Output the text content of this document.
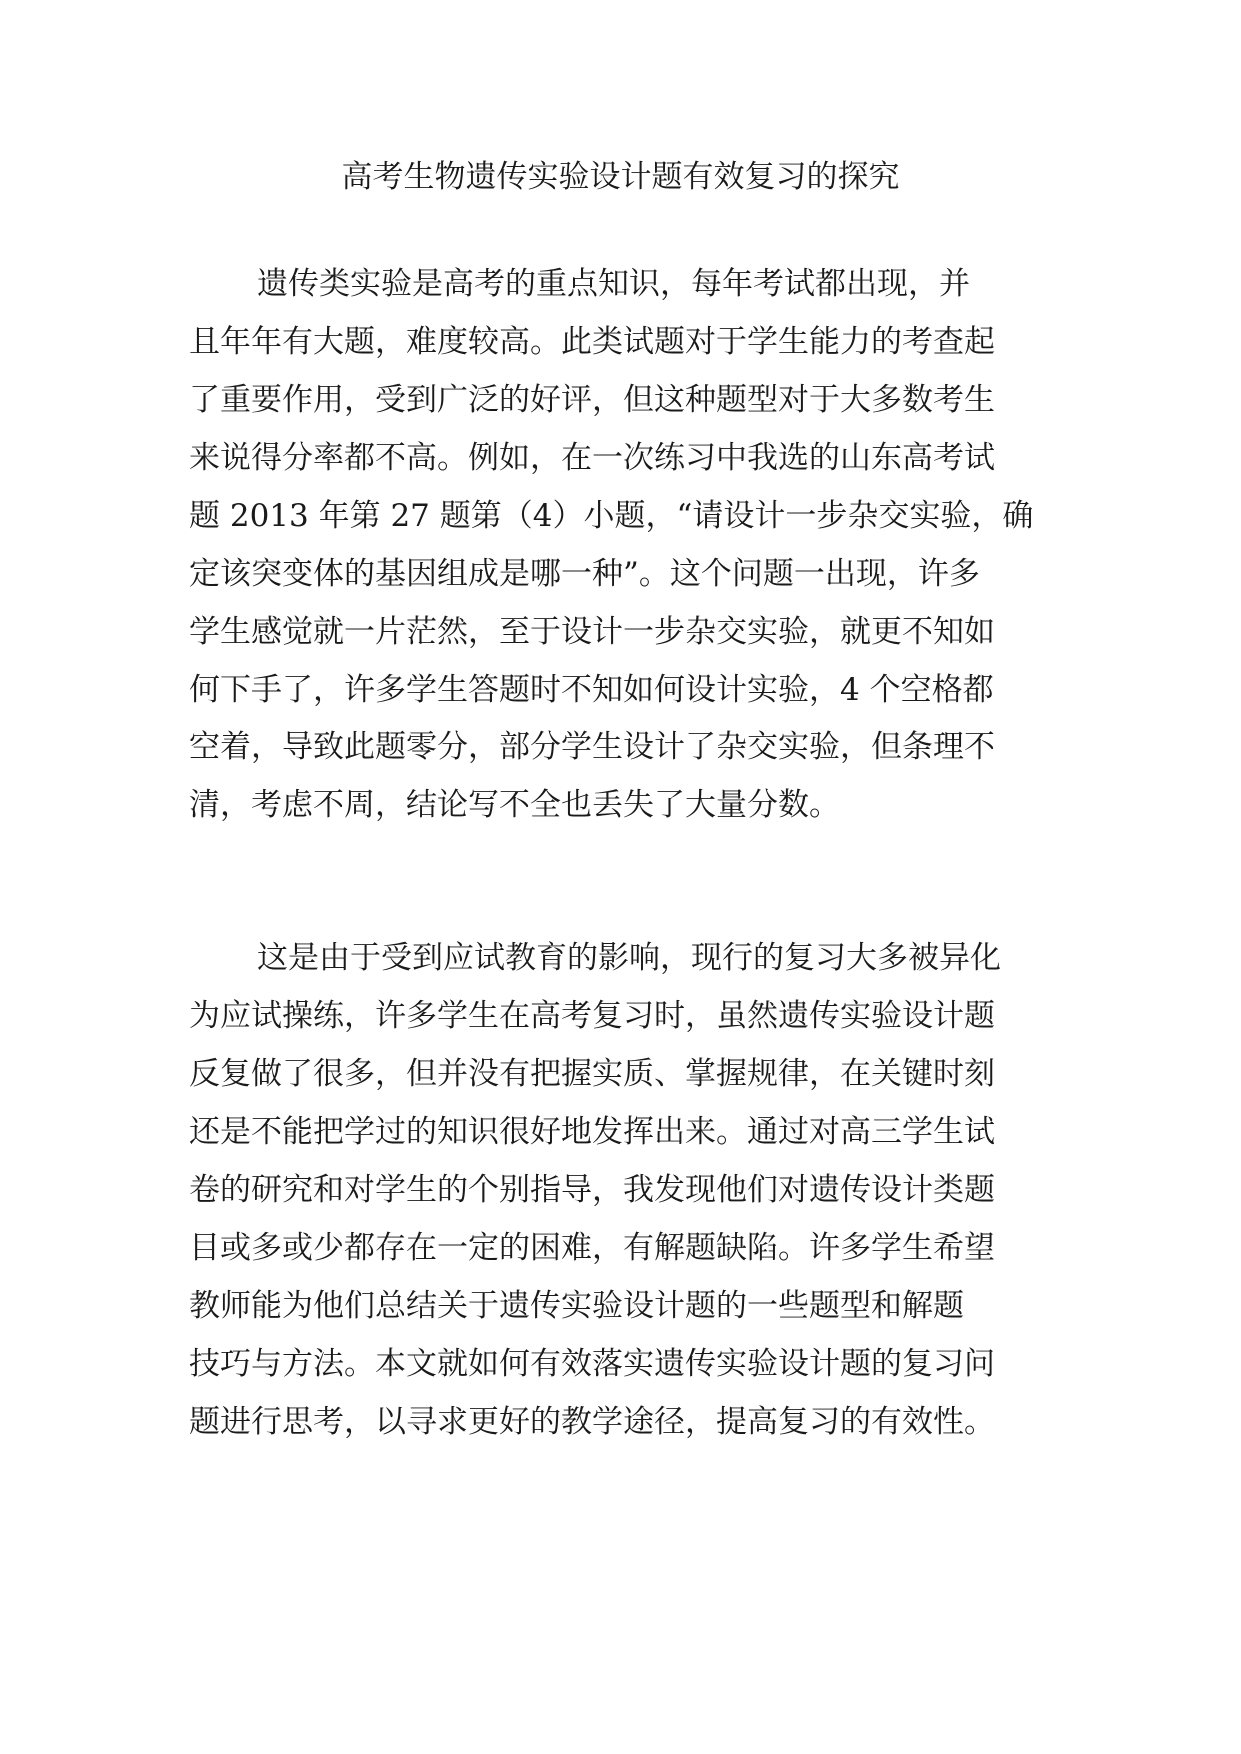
高考生物遗传实验设计题有效复习的探究
遗传类实验是高考的重点知识，每年考试都出现，并
且年年有大题，难度较高。此类试题对于学生能力的考查起
了重要作用，受到广泛的好评，但这种题型对于大多数考生
来说得分率都不高。例如，在一次练习中我选的山东高考试
题 2013 年第 27 题第（4）小题，“请设计一步杂交实验，确
定该突变体的基因组成是哪一种”。这个问题一出现，许多
学生感觉就一片茫然，至于设计一步杂交实验，就更不知如
何下手了，许多学生答题时不知如何设计实验，4 个空格都
空着，导致此题零分，部分学生设计了杂交实验，但条理不
清，考虑不周，结论写不全也丢失了大量分数。
这是由于受到应试教育的影响，现行的复习大多被异化
为应试操练，许多学生在高考复习时，虽然遗传实验设计题
反复做了很多，但并没有把握实质、掌握规律，在关键时刻
还是不能把学过的知识很好地发挥出来。通过对高三学生试
卷的研究和对学生的个别指导，我发现他们对遗传设计类题
目或多或少都存在一定的困难，有解题缺陷。许多学生希望
教师能为他们总结关于遗传实验设计题的一些题型和解题
技巧与方法。本文就如何有效落实遗传实验设计题的复习问
题进行思考，以寻求更好的教学途径，提高复习的有效性。
